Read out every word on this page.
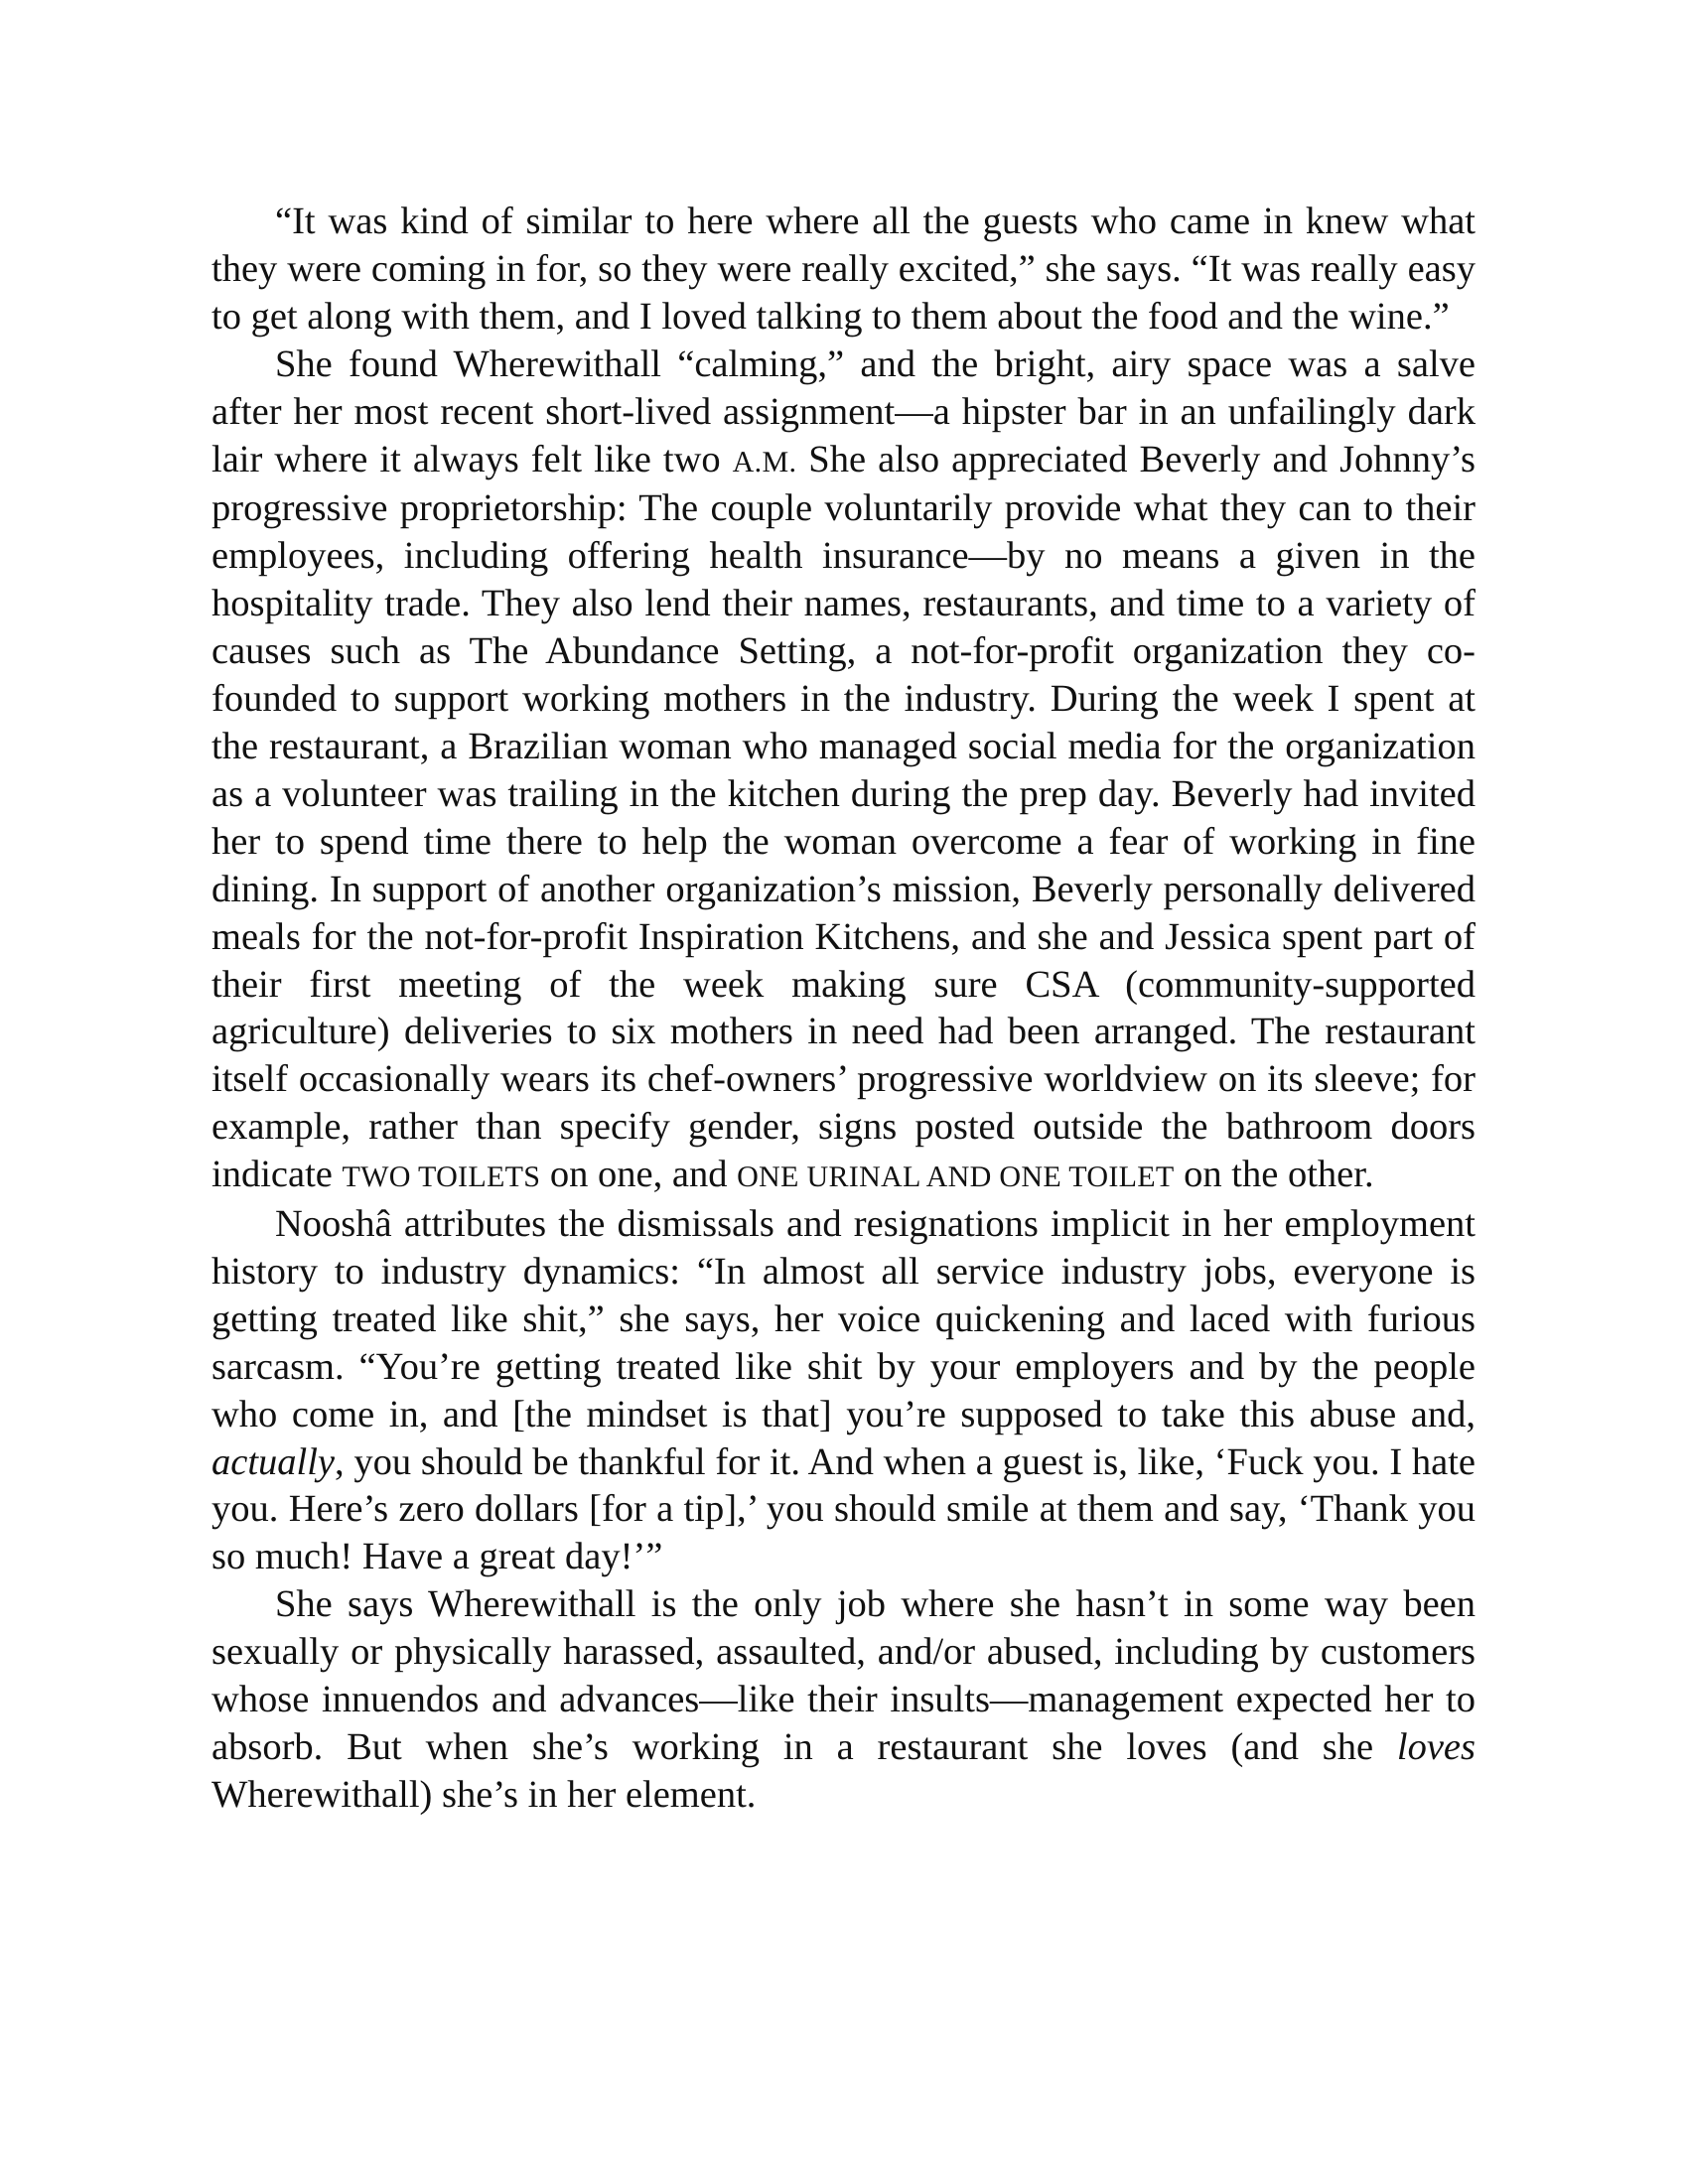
“It was kind of similar to here where all the guests who came in knew what they were coming in for, so they were really excited,” she says. “It was really easy to get along with them, and I loved talking to them about the food and the wine.”

She found Wherewithall “calming,” and the bright, airy space was a salve after her most recent short-lived assignment—a hipster bar in an unfailingly dark lair where it always felt like two A.M. She also appreciated Beverly and Johnny’s progressive proprietorship: The couple voluntarily provide what they can to their employees, including offering health insurance—by no means a given in the hospitality trade. They also lend their names, restaurants, and time to a variety of causes such as The Abundance Setting, a not-for-profit organization they co-founded to support working mothers in the industry. During the week I spent at the restaurant, a Brazilian woman who managed social media for the organization as a volunteer was trailing in the kitchen during the prep day. Beverly had invited her to spend time there to help the woman overcome a fear of working in fine dining. In support of another organization’s mission, Beverly personally delivered meals for the not-for-profit Inspiration Kitchens, and she and Jessica spent part of their first meeting of the week making sure CSA (community-supported agriculture) deliveries to six mothers in need had been arranged. The restaurant itself occasionally wears its chef-owners’ progressive worldview on its sleeve; for example, rather than specify gender, signs posted outside the bathroom doors indicate TWO TOILETS on one, and ONE URINAL AND ONE TOILET on the other.

Nooshâ attributes the dismissals and resignations implicit in her employment history to industry dynamics: “In almost all service industry jobs, everyone is getting treated like shit,” she says, her voice quickening and laced with furious sarcasm. “You’re getting treated like shit by your employers and by the people who come in, and [the mindset is that] you’re supposed to take this abuse and, actually, you should be thankful for it. And when a guest is, like, ‘Fuck you. I hate you. Here’s zero dollars [for a tip],’ you should smile at them and say, ‘Thank you so much! Have a great day!’”

She says Wherewithall is the only job where she hasn’t in some way been sexually or physically harassed, assaulted, and/or abused, including by customers whose innuendos and advances—like their insults—management expected her to absorb. But when she’s working in a restaurant she loves (and she loves Wherewithall) she’s in her element.
